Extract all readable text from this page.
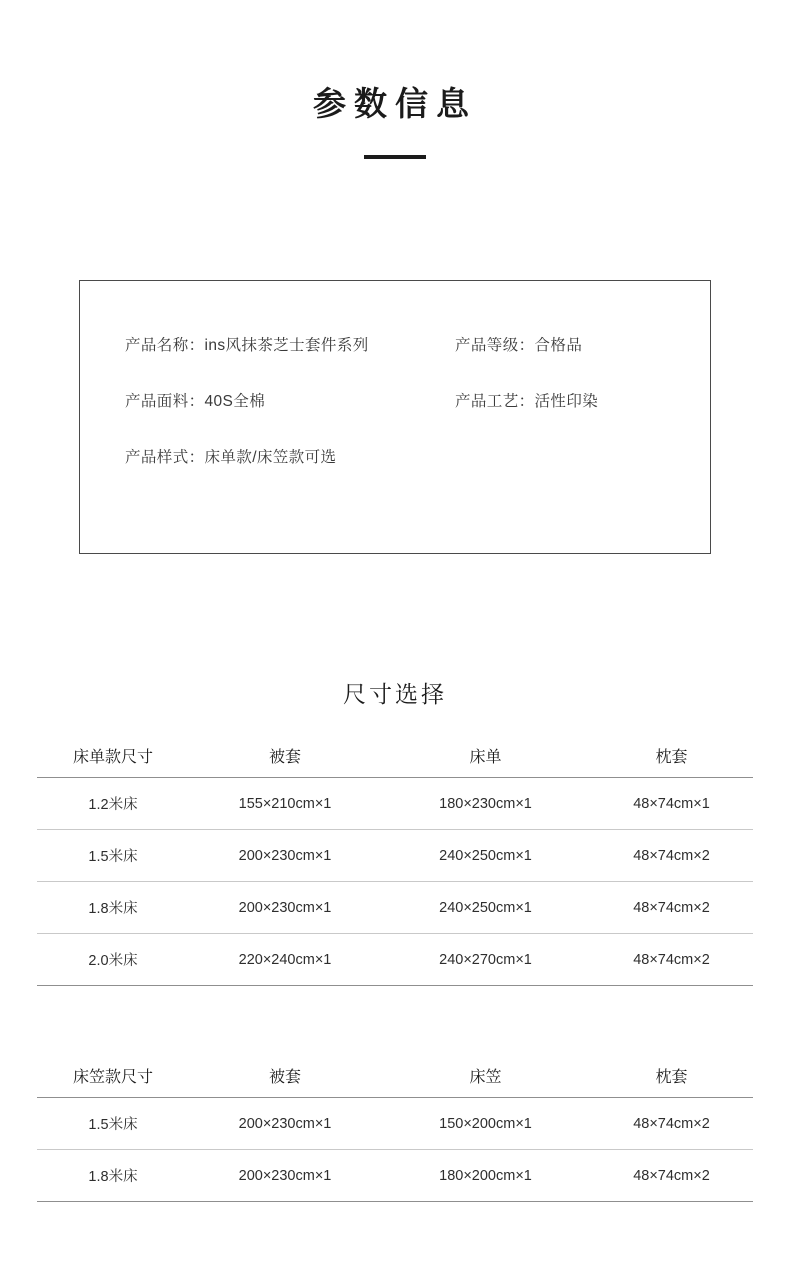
参数信息
产品名称： ins风抹茶芝士套件系列	产品等级： 合格品
产品面料： 40S全棉	产品工艺： 活性印染
产品样式： 床单款/床笠款可选
尺寸选择
床单款尺寸	被套	床单	枕套
1.2米床	155×210cm×1	180×230cm×1	48×74cm×1
1.5米床	200×230cm×1	240×250cm×1	48×74cm×2
1.8米床	200×230cm×1	240×250cm×1	48×74cm×2
2.0米床	220×240cm×1	240×270cm×1	48×74cm×2
床笠款尺寸	被套	床笠	枕套
1.5米床	200×230cm×1	150×200cm×1	48×74cm×2
1.8米床	200×230cm×1	180×200cm×1	48×74cm×2
